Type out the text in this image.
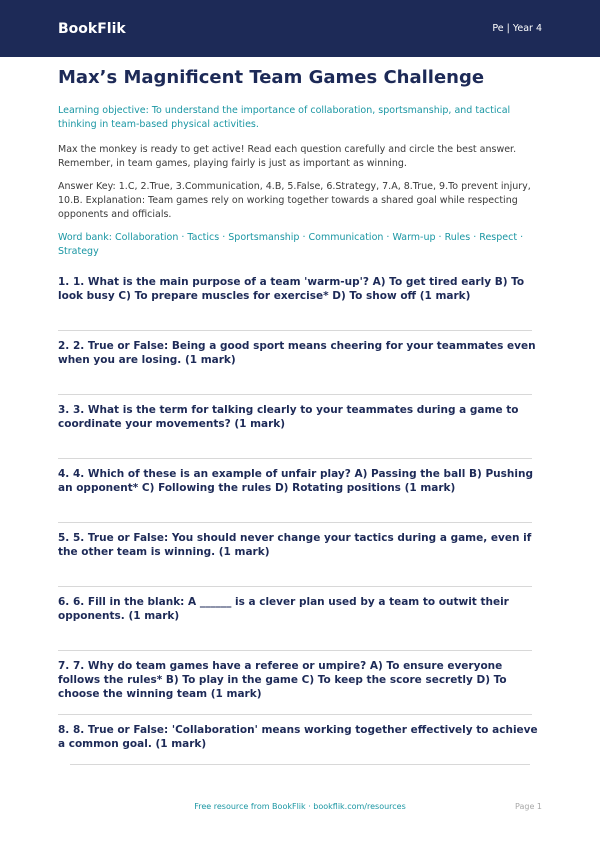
BookFlik	Pe | Year 4
Max’s Magnificent Team Games Challenge

Learning objective: To understand the importance of collaboration, sportsmanship, and tactical thinking in team-based physical activities.

Max the monkey is ready to get active! Read each question carefully and circle the best answer. Remember, in team games, playing fairly is just as important as winning.

Answer Key: 1.C, 2.True, 3.Communication, 4.B, 5.False, 6.Strategy, 7.A, 8.True, 9.To prevent injury, 10.B. Explanation: Team games rely on working together towards a shared goal while respecting opponents and officials.

Word bank: Collaboration · Tactics · Sportsmanship · Communication · Warm-up · Rules · Respect · Strategy

1. 1. What is the main purpose of a team 'warm-up'? A) To get tired early B) To look busy C) To prepare muscles for exercise* D) To show off (1 mark)

2. 2. True or False: Being a good sport means cheering for your teammates even when you are losing. (1 mark)

3. 3. What is the term for talking clearly to your teammates during a game to coordinate your movements? (1 mark)

4. 4. Which of these is an example of unfair play? A) Passing the ball B) Pushing an opponent* C) Following the rules D) Rotating positions (1 mark)

5. 5. True or False: You should never change your tactics during a game, even if the other team is winning. (1 mark)

6. 6. Fill in the blank: A ______ is a clever plan used by a team to outwit their opponents. (1 mark)

7. 7. Why do team games have a referee or umpire? A) To ensure everyone follows the rules* B) To play in the game C) To keep the score secretly D) To choose the winning team (1 mark)

8. 8. True or False: 'Collaboration' means working together effectively to achieve a common goal. (1 mark)

Free resource from BookFlik · bookflik.com/resources	Page 1
